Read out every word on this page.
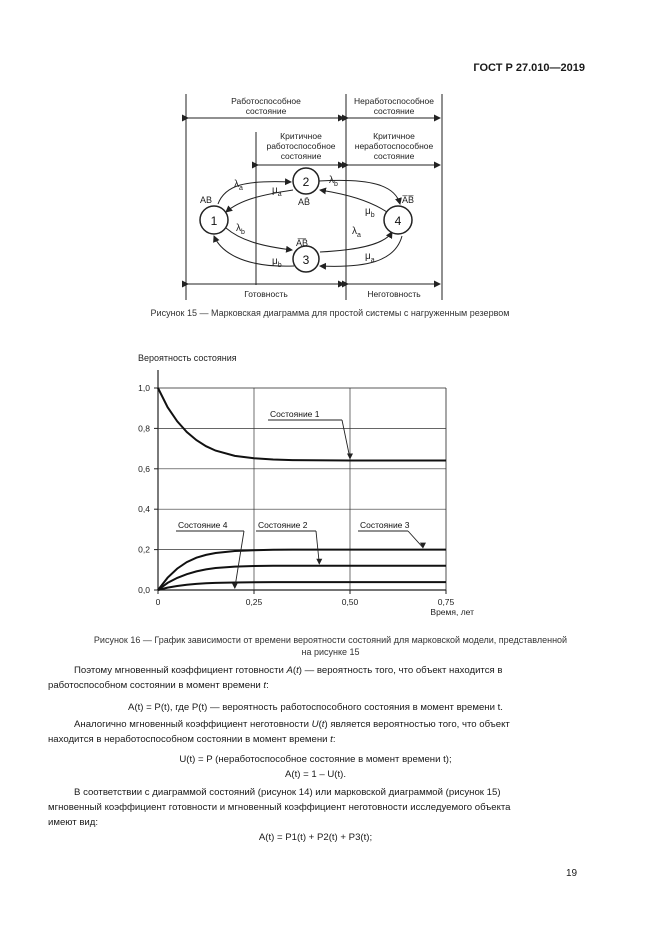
ГОСТ Р 27.010—2019
1
2
3
4
Работоспособное
состояние
Неработоспособное
состояние
Критичное
работоспособное
состояние
Критичное
неработоспособное
состояние
Готовность	Неготовность
AB	AB̄
A͞B
A̅B̅
$\lambda_a$
$\lambda_b$
$\lambda_b$
$\lambda_a$
$\mu_a$
$\mu_b$
$\mu_b$
$\mu_a$
Рисунок 15 — Марковская диаграмма для простой системы с нагруженным резервом
0,0
0,2
0,4
0,6
0,8
1,0
0	0,25	0,50	0,75
Состояние 1
Состояние 4	Состояние 2	Состояние 3
Вероятность состояния
Время, лет
Рисунок 16 — График зависимости от времени вероятности состояний для марковской модели, представленной
на рисунке 15
Поэтому мгновенный коэффициент готовности A(t) — вероятность того, что объект находится в
работоспособном состоянии в момент времени t:
A(t) = P(t), где P(t) — вероятность работоспособного состояния в момент времени t.
Аналогично мгновенный коэффициент неготовности U(t) является вероятностью того, что объект
находится в неработоспособном состоянии в момент времени t:
U(t) = P (неработоспособное состояние в момент времени t);
A(t) = 1 – U(t).
В соответствии с диаграммой состояний (рисунок 14) или марковской диаграммой (рисунок 15)
мгновенный коэффициент готовности и мгновенный коэффициент неготовности исследуемого объекта
имеют вид:
A(t) = P1(t) + P2(t) + P3(t);
19
